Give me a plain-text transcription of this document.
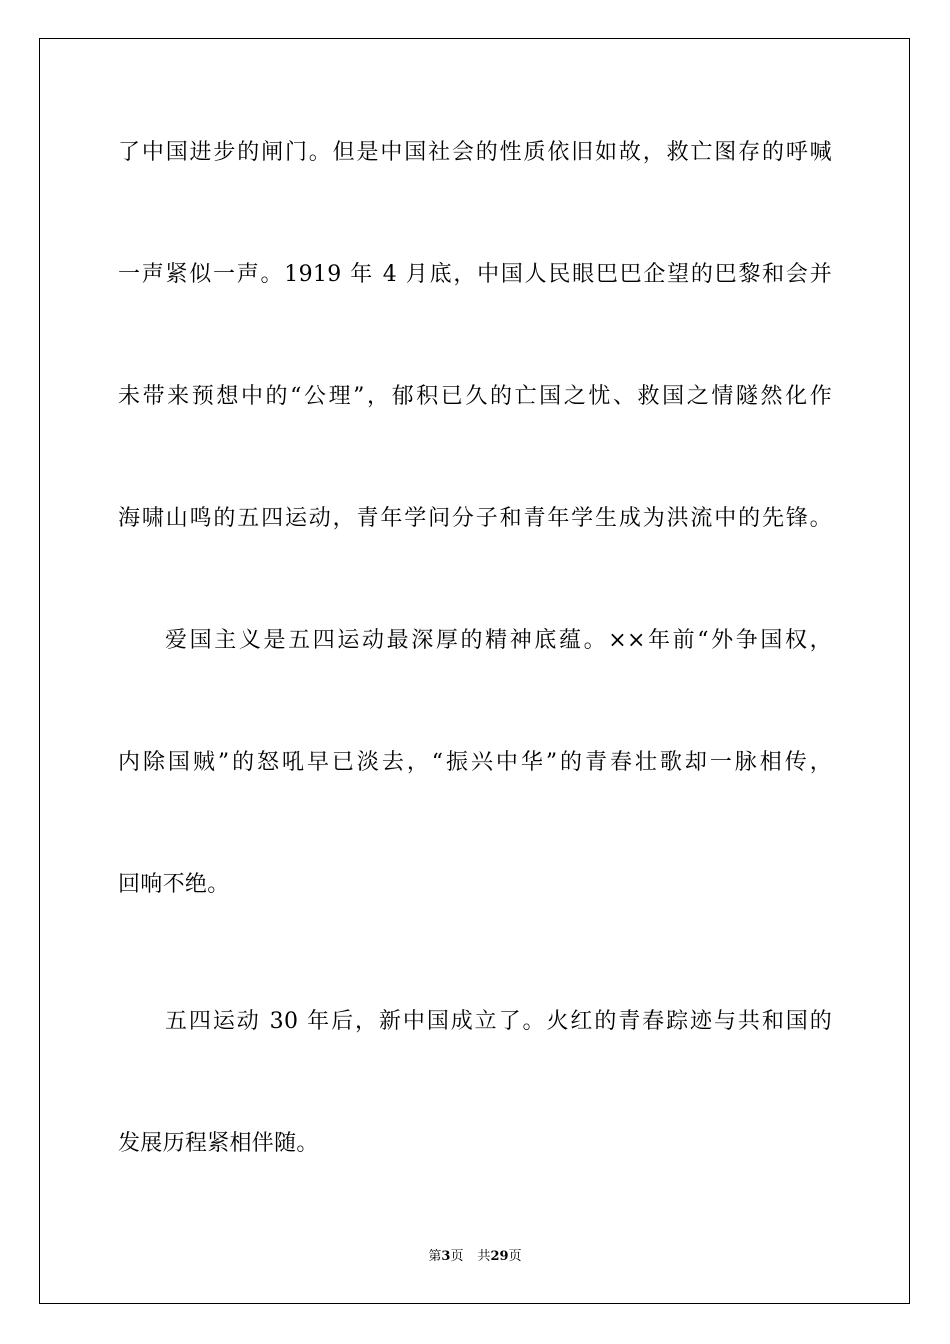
了中国进步的闸门。但是中国社会的性质依旧如故，救亡图存的呼喊
一声紧似一声。1919 年 4 月底，中国人民眼巴巴企望的巴黎和会并
未带来预想中的“公理”，郁积已久的亡国之忧、救国之情隧然化作
海啸山鸣的五四运动，青年学问分子和青年学生成为洪流中的先锋。
爱国主义是五四运动最深厚的精神底蕴。××年前“外争国权，
内除国贼”的怒吼早已淡去，“振兴中华”的青春壮歌却一脉相传，
回响不绝。
五四运动 30 年后，新中国成立了。火红的青春踪迹与共和国的
发展历程紧相伴随。
第3页 共29页
